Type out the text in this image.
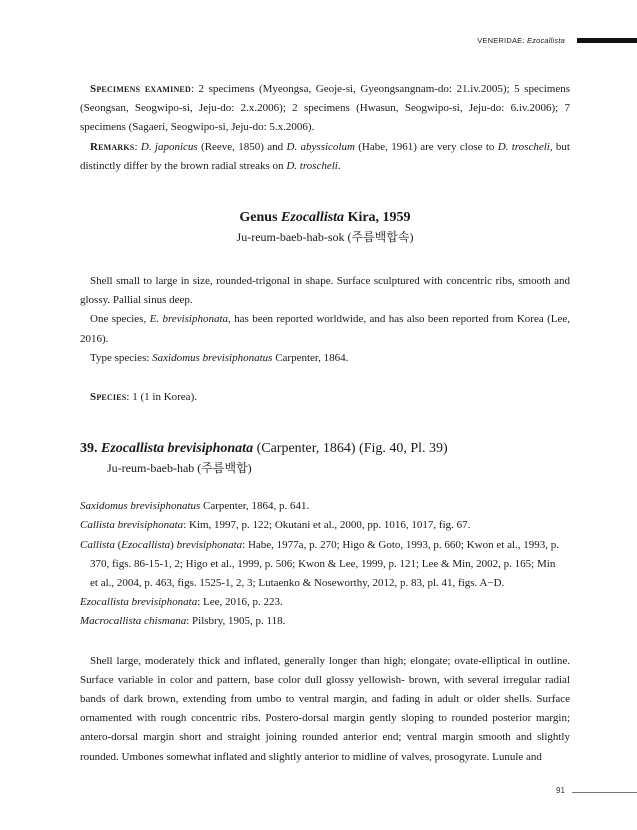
VENERIDAE: Ezocallista

Specimens examined: 2 specimens (Myeongsa, Geoje-si, Gyeongsangnam-do: 21.iv.2005); 5 specimens (Seongsan, Seogwipo-si, Jeju-do: 2.x.2006); 2 specimens (Hwasun, Seogwipo-si, Jeju-do: 6.iv.2006); 7 specimens (Sagaeri, Seogwipo-si, Jeju-do: 5.x.2006).

Remarks: D. japonicus (Reeve, 1850) and D. abyssicolum (Habe, 1961) are very close to D. troscheli, but distinctly differ by the brown radial streaks on D. troscheli.

Genus Ezocallista Kira, 1959

Ju-reum-baeb-hab-sok (주름백합속)

Shell small to large in size, rounded-trigonal in shape. Surface sculptured with concentric ribs, smooth and glossy. Pallial sinus deep.

One species, E. brevisiphonata, has been reported worldwide, and has also been reported from Korea (Lee, 2016).

Type species: Saxidomus brevisiphonatus Carpenter, 1864.

Species: 1 (1 in Korea).

39. Ezocallista brevisiphonata (Carpenter, 1864) (Fig. 40, Pl. 39)

Ju-reum-baeb-hab (주름백합)

Saxidomus brevisiphonatus Carpenter, 1864, p. 641.
Callista brevisiphonata: Kim, 1997, p. 122; Okutani et al., 2000, pp. 1016, 1017, fig. 67.
Callista (Ezocallista) brevisiphonata: Habe, 1977a, p. 270; Higo & Goto, 1993, p. 660; Kwon et al., 1993, p.
370, figs. 86-15-1, 2; Higo et al., 1999, p. 506; Kwon & Lee, 1999, p. 121; Lee & Min, 2002, p. 165; Min
et al., 2004, p. 463, figs. 1525-1, 2, 3; Lutaenko & Noseworthy, 2012, p. 83, pl. 41, figs. A−D.
Ezocallista brevisiphonata: Lee, 2016, p. 223.
Macrocallista chismana: Pilsbry, 1905, p. 118.

Shell large, moderately thick and inflated, generally longer than high; elongate; ovate-elliptical in outline. Surface variable in color and pattern, base color dull glossy yellowish- brown, with several irregular radial bands of dark brown, extending from umbo to ventral margin, and fading in adult or older shells. Surface ornamented with rough concentric ribs. Postero-dorsal margin gently sloping to rounded posterior margin; antero-dorsal margin short and straight joining rounded anterior end; ventral margin smooth and slightly rounded. Umbones somewhat inflated and slightly anterior to midline of valves, prosogyrate. Lunule and

91
